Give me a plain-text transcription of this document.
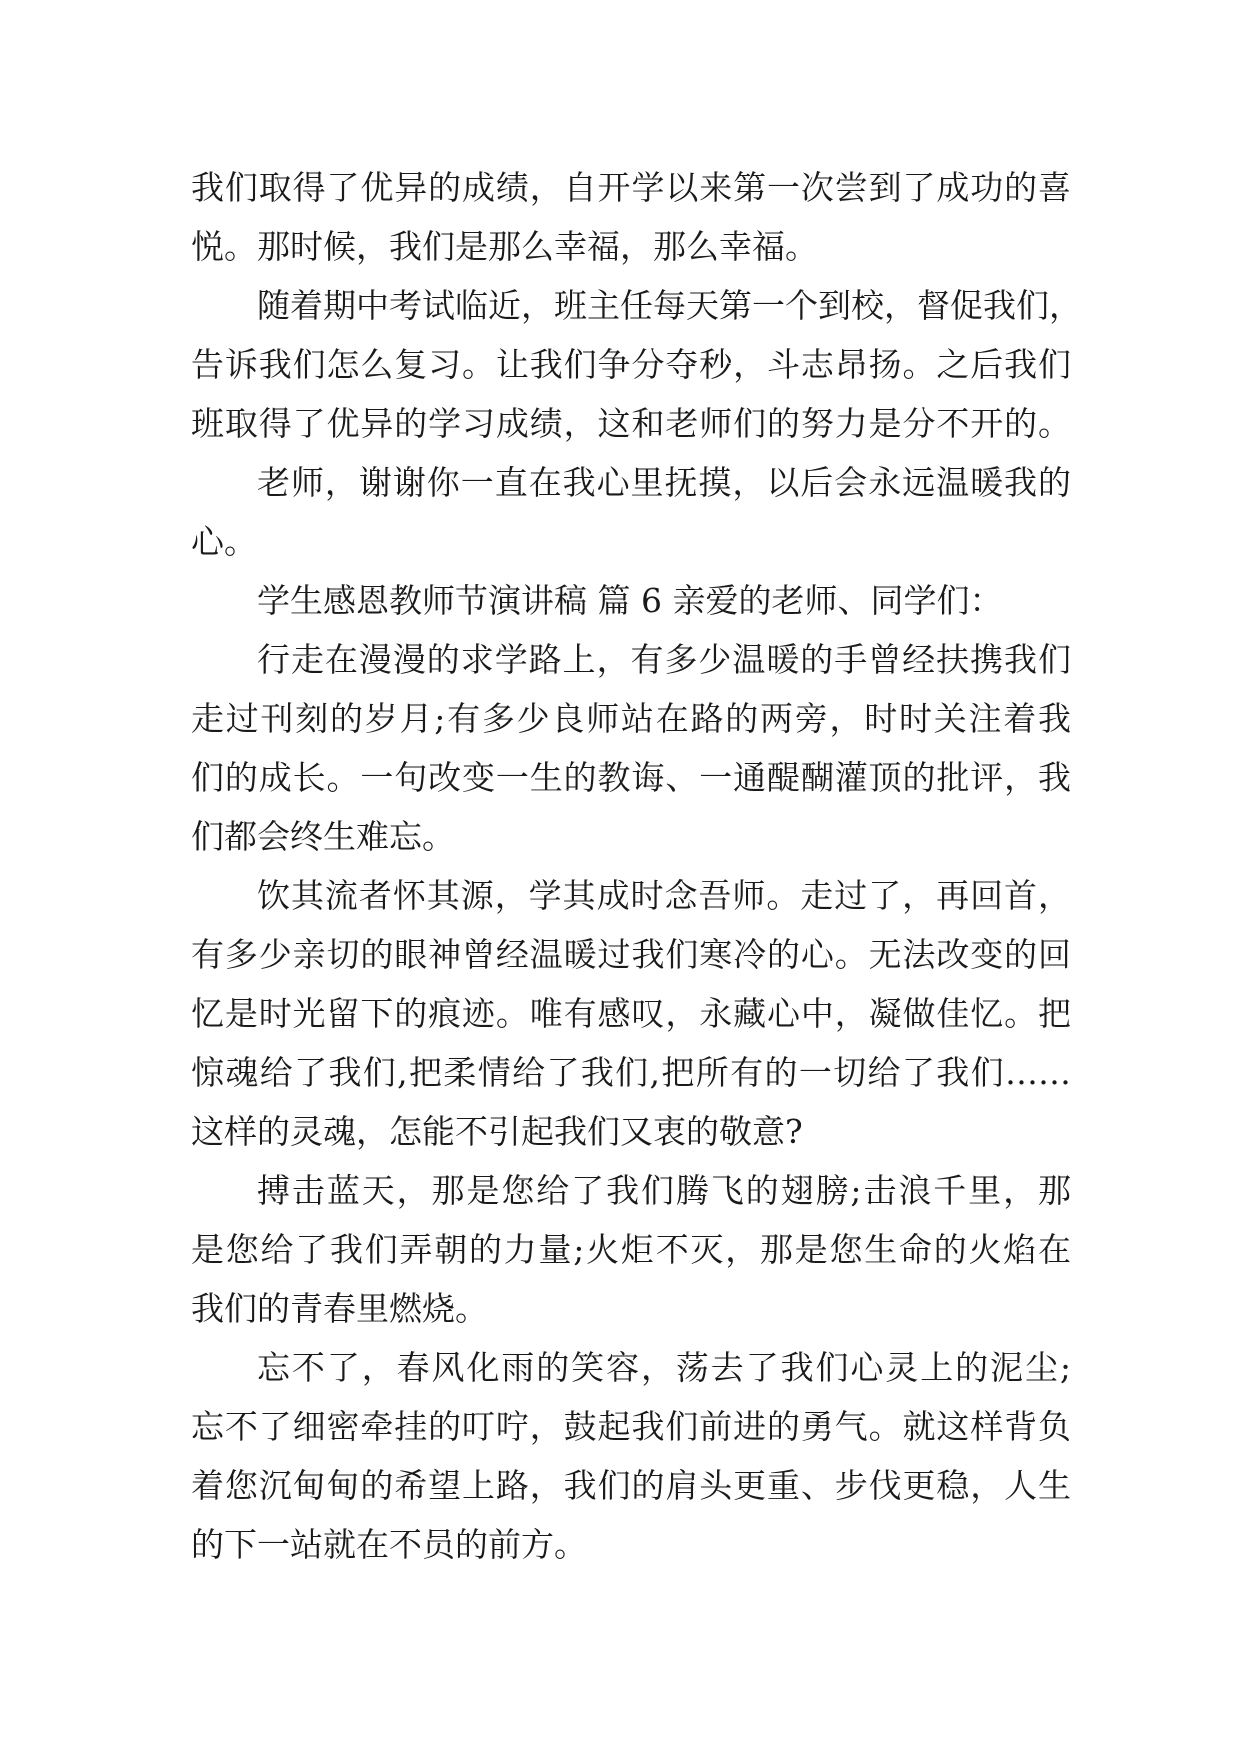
我们取得了优异的成绩，自开学以来第一次尝到了成功的喜
悦。那时候，我们是那么幸福，那么幸福。
随着期中考试临近，班主任每天第一个到校，督促我们，
告诉我们怎么复习。让我们争分夺秒，斗志昂扬。之后我们
班取得了优异的学习成绩，这和老师们的努力是分不开的。
老师，谢谢你一直在我心里抚摸，以后会永远温暖我的
心。
学生感恩教师节演讲稿 篇 6 亲爱的老师、同学们：
行走在漫漫的求学路上，有多少温暖的手曾经扶携我们
走过刊刻的岁月;有多少良师站在路的两旁，时时关注着我
们的成长。一句改变一生的教诲、一通醍醐灌顶的批评，我
们都会终生难忘。
饮其流者怀其源，学其成时念吾师。走过了，再回首，
有多少亲切的眼神曾经温暖过我们寒冷的心。无法改变的回
忆是时光留下的痕迹。唯有感叹，永藏心中，凝做佳忆。把
惊魂给了我们,把柔情给了我们,把所有的一切给了我们……
这样的灵魂，怎能不引起我们又衷的敬意?
搏击蓝天，那是您给了我们腾飞的翅膀;击浪千里，那
是您给了我们弄朝的力量;火炬不灭，那是您生命的火焰在
我们的青春里燃烧。
忘不了，春风化雨的笑容，荡去了我们心灵上的泥尘;
忘不了细密牵挂的叮咛，鼓起我们前进的勇气。就这样背负
着您沉甸甸的希望上路，我们的肩头更重、步伐更稳，人生
的下一站就在不员的前方。
